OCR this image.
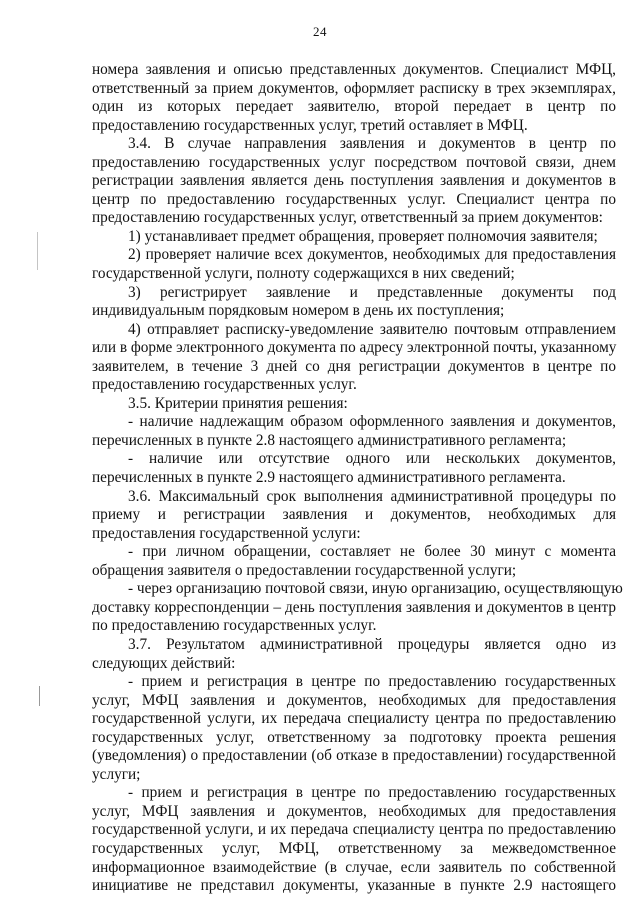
24

номера заявления и описью представленных документов. Специалист МФЦ,

ответственный за прием документов, оформляет расписку в трех экземплярах,

один из которых передает заявителю, второй передает в центр по

предоставлению государственных услуг, третий оставляет в МФЦ.

3.4. В случае направления заявления и документов в центр по

предоставлению государственных услуг посредством почтовой связи, днем

регистрации заявления является день поступления заявления и документов в

центр по предоставлению государственных услуг. Специалист центра по

предоставлению государственных услуг, ответственный за прием документов:

1) устанавливает предмет обращения, проверяет полномочия заявителя;

2) проверяет наличие всех документов, необходимых для предоставления

государственной услуги, полноту содержащихся в них сведений;

3) регистрирует заявление и представленные документы под

индивидуальным порядковым номером в день их поступления;

4) отправляет расписку-уведомление заявителю почтовым отправлением

или в форме электронного документа по адресу электронной почты, указанному

заявителем, в течение 3 дней со дня регистрации документов в центре по

предоставлению государственных услуг.

3.5. Критерии принятия решения:

- наличие надлежащим образом оформленного заявления и документов,

перечисленных в пункте 2.8 настоящего административного регламента;

- наличие или отсутствие одного или нескольких документов,

перечисленных в пункте 2.9 настоящего административного регламента.

3.6. Максимальный срок выполнения административной процедуры по

приему и регистрации заявления и документов, необходимых для

предоставления государственной услуги:

- при личном обращении, составляет не более 30 минут с момента

обращения заявителя о предоставлении государственной услуги;

- через организацию почтовой связи, иную организацию, осуществляющую

доставку корреспонденции – день поступления заявления и документов в центр

по предоставлению государственных услуг.

3.7. Результатом административной процедуры является одно из

следующих действий:

- прием и регистрация в центре по предоставлению государственных

услуг, МФЦ заявления и документов, необходимых для предоставления

государственной услуги, их передача специалисту центра по предоставлению

государственных услуг, ответственному за подготовку проекта решения

(уведомления) о предоставлении (об отказе в предоставлении) государственной

услуги;

- прием и регистрация в центре по предоставлению государственных

услуг, МФЦ заявления и документов, необходимых для предоставления

государственной услуги, и их передача специалисту центра по предоставлению

государственных услуг, МФЦ, ответственному за межведомственное

информационное взаимодействие (в случае, если заявитель по собственной

инициативе не представил документы, указанные в пункте 2.9 настоящего
